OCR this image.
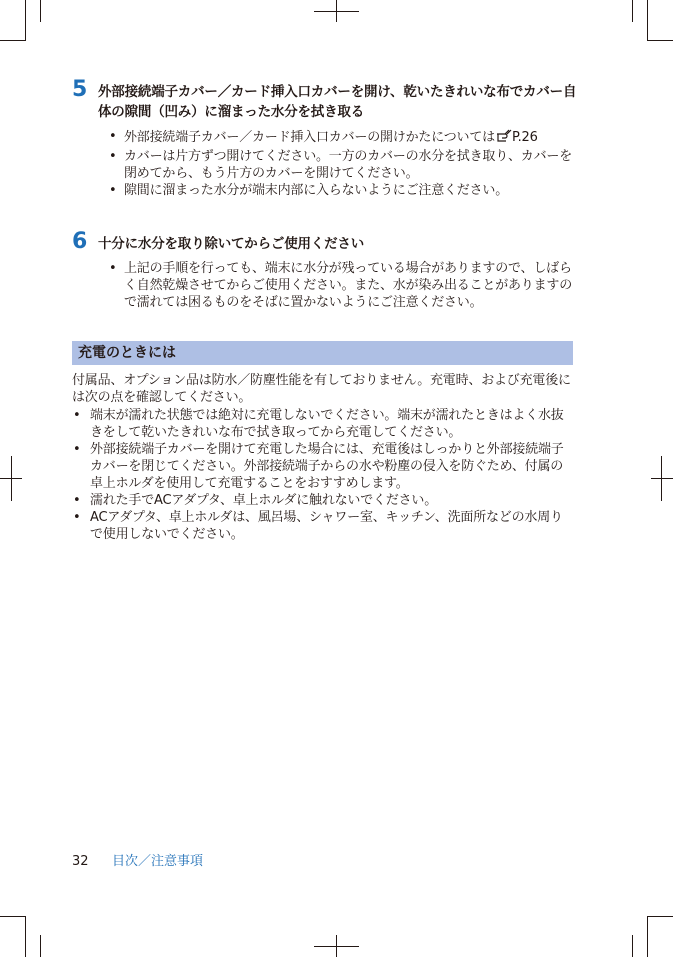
5 外部接続端子カバー／カード挿入口カバーを開け、乾いたきれいな布でカバー自体の隙間（凹み）に溜まった水分を拭き取る
• 外部接続端子カバー／カード挿入口カバーの開けかたについては P.26
• カバーは片方ずつ開けてください。一方のカバーの水分を拭き取り、カバーを閉めてから、もう片方のカバーを開けてください。
• 隙間に溜まった水分が端末内部に入らないようにご注意ください。
6 十分に水分を取り除いてからご使用ください
• 上記の手順を行っても、端末に水分が残っている場合がありますので、しばらく自然乾燥させてからご使用ください。また、水が染み出ることがありますので濡れては困るものをそばに置かないようにご注意ください。
充電のときには
付属品、オプション品は防水／防塵性能を有しておりません。充電時、および充電後には次の点を確認してください。
• 端末が濡れた状態では絶対に充電しないでください。端末が濡れたときはよく水抜きをして乾いたきれいな布で拭き取ってから充電してください。
• 外部接続端子カバーを開けて充電した場合には、充電後はしっかりと外部接続端子カバーを閉じてください。外部接続端子からの水や粉塵の侵入を防ぐため、付属の卓上ホルダを使用して充電することをおすすめします。
• 濡れた手でACアダプタ、卓上ホルダに触れないでください。
• ACアダプタ、卓上ホルダは、風呂場、シャワー室、キッチン、洗面所などの水周りで使用しないでください。
32 目次／注意事項
